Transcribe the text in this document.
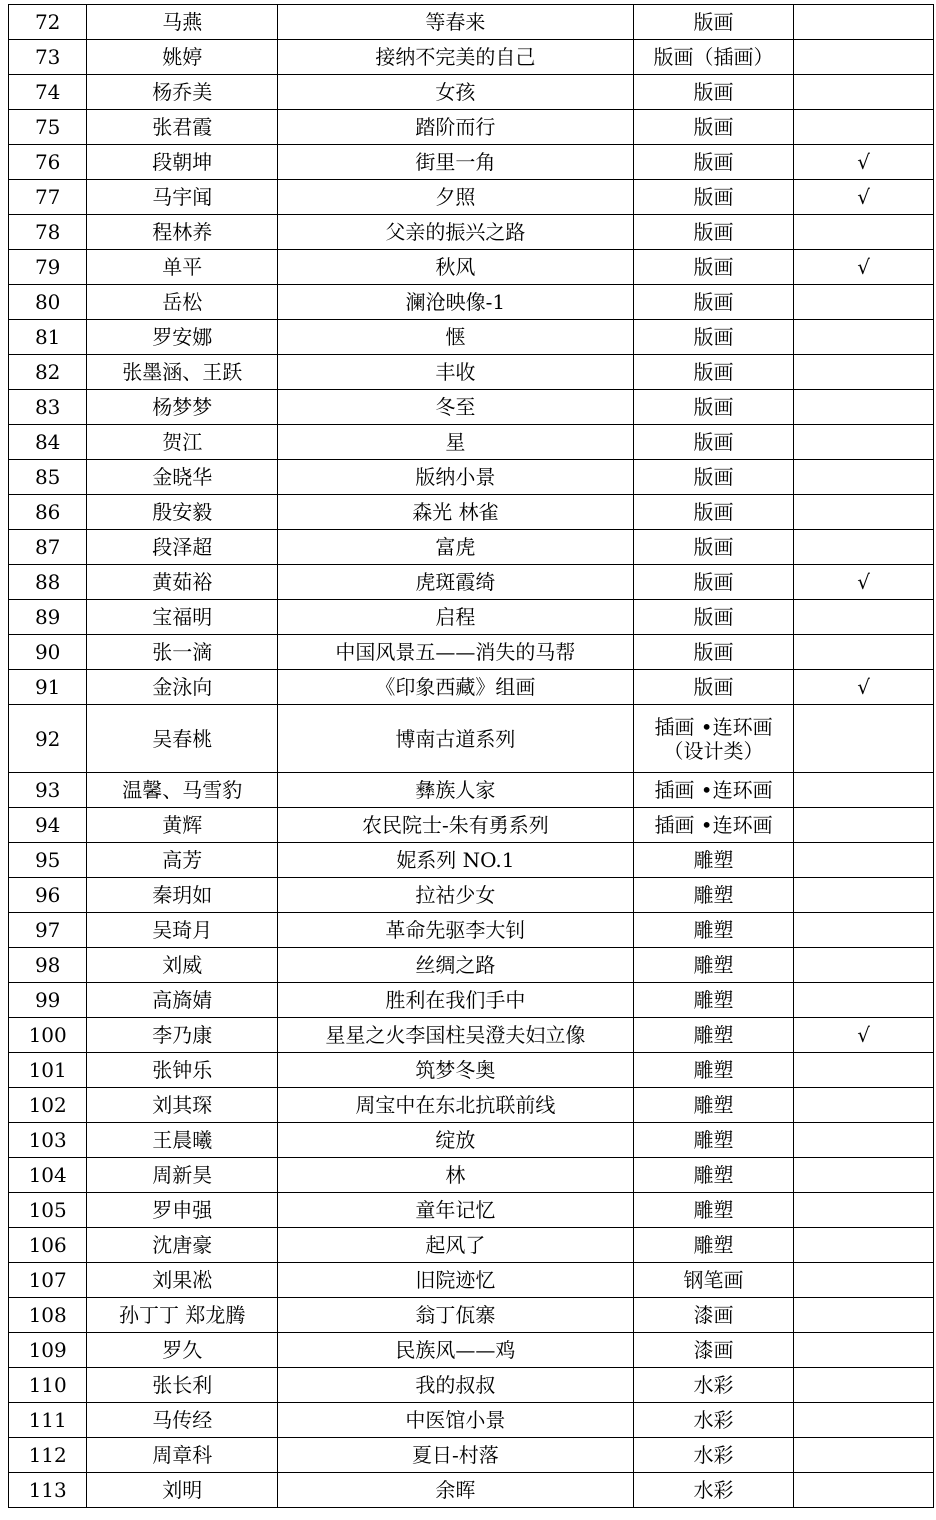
72	马燕	等春来	版画	
73	姚婷	接纳不完美的自己	版画（插画）	
74	杨乔美	女孩	版画	
75	张君霞	踏阶而行	版画	
76	段朝坤	街里一角	版画	√
77	马宇闻	夕照	版画	√
78	程林养	父亲的振兴之路	版画	
79	单平	秋风	版画	√
80	岳松	澜沧映像-1	版画	
81	罗安娜	惬	版画	
82	张墨涵、王跃	丰收	版画	
83	杨梦梦	冬至	版画	
84	贺江	星	版画	
85	金晓华	版纳小景	版画	
86	殷安毅	森光 林雀	版画	
87	段泽超	富虎	版画	
88	黄茹裕	虎斑霞绮	版画	√
89	宝福明	启程	版画	
90	张一滴	中国风景五——消失的马帮	版画	
91	金泳向	《印象西藏》组画	版画	√
92	吴春桃	博南古道系列	插画 •连环画
（设计类）	

93	温馨、马雪豹	彝族人家	插画 •连环画	
94	黄辉	农民院士-朱有勇系列	插画 •连环画	
95	高芳	妮系列 NO.1	雕塑	
96	秦玥如	拉祜少女	雕塑	
97	吴琦月	革命先驱李大钊	雕塑	
98	刘威	丝绸之路	雕塑	
99	高旖婧	胜利在我们手中	雕塑	
100	李乃康	星星之火李国柱吴澄夫妇立像	雕塑	√
101	张钟乐	筑梦冬奥	雕塑	
102	刘其琛	周宝中在东北抗联前线	雕塑	
103	王晨曦	绽放	雕塑	
104	周新昊	林	雕塑	
105	罗申强	童年记忆	雕塑	
106	沈唐豪	起风了	雕塑	
107	刘果凇	旧院迹忆	钢笔画	
108	孙丁丁 郑龙腾	翁丁佤寨	漆画	
109	罗久	民族风——鸡	漆画	
110	张长利	我的叔叔	水彩	
111	马传经	中医馆小景	水彩	
112	周章科	夏日-村落	水彩	
113	刘明	余晖	水彩	
